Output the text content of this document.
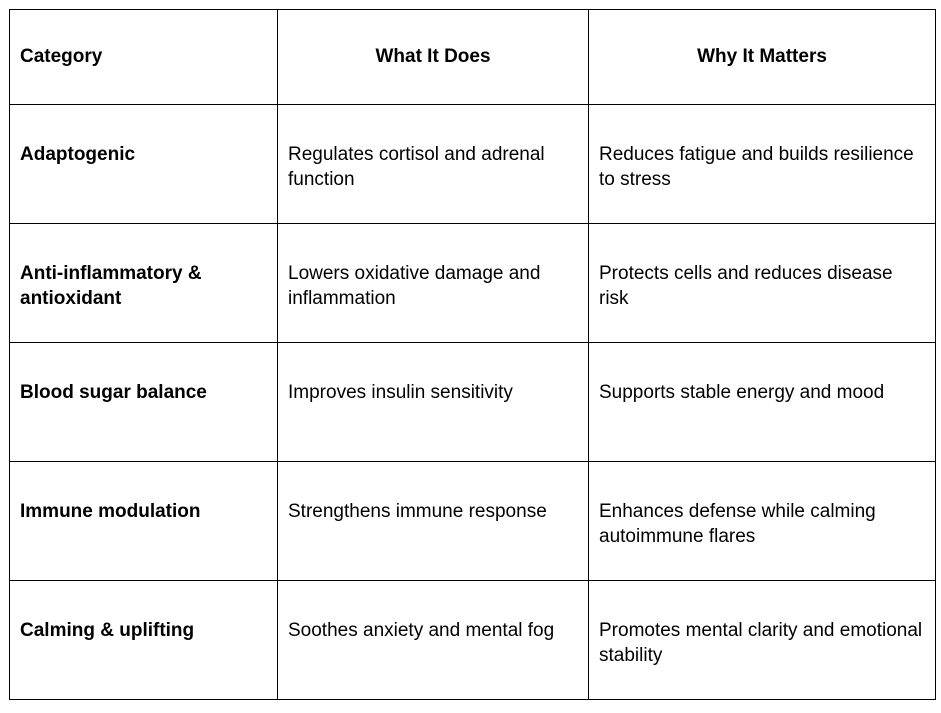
Category	What It Does	Why It Matters
Adaptogenic	Regulates cortisol and adrenal function	Reduces fatigue and builds resilience to stress
Anti-inflammatory & antioxidant	Lowers oxidative damage and inflammation	Protects cells and reduces disease risk
Blood sugar balance	Improves insulin sensitivity	Supports stable energy and mood
Immune modulation	Strengthens immune response	Enhances defense while calming autoimmune flares
Calming & uplifting	Soothes anxiety and mental fog	Promotes mental clarity and emotional stability
